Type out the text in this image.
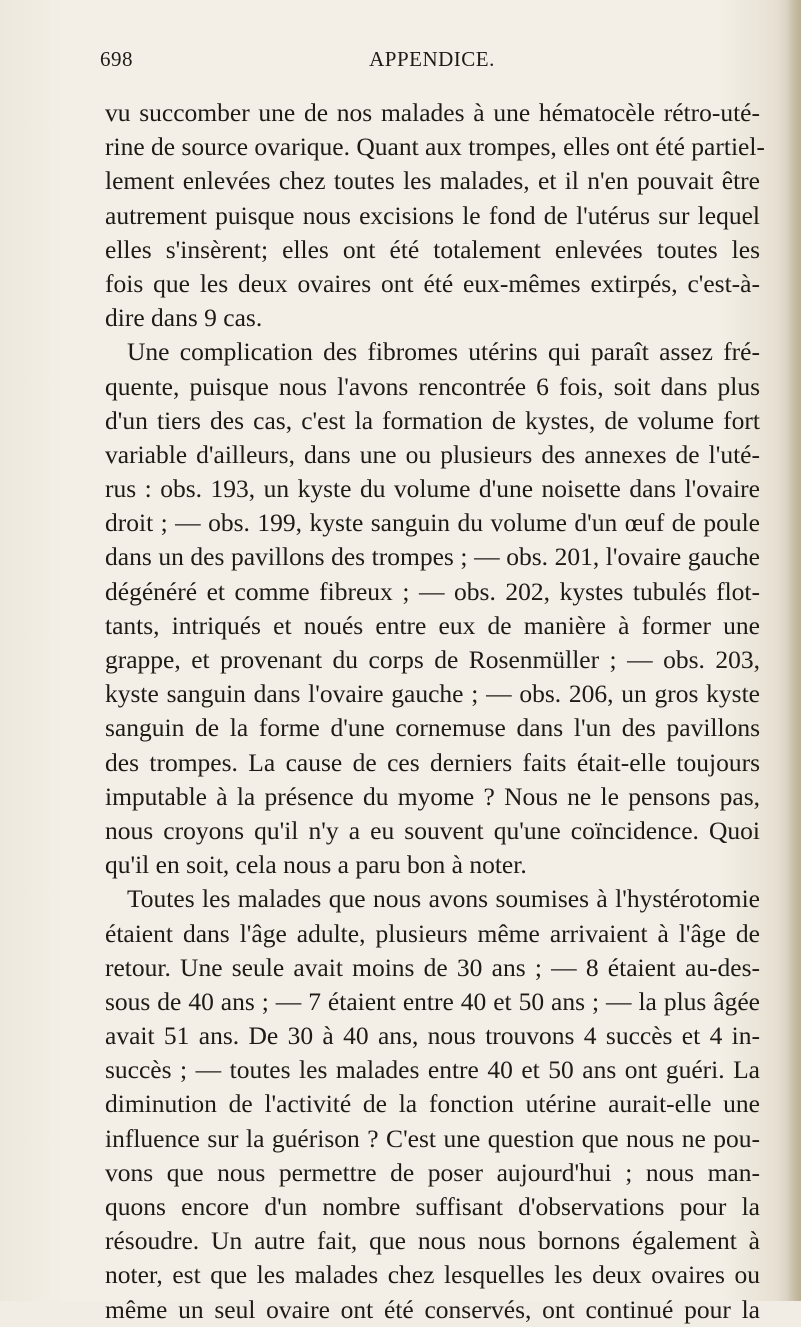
698	APPENDICE.
vu succomber une de nos malades à une hématocèle rétro-uté-
rine de source ovarique. Quant aux trompes, elles ont été partiel-
lement enlevées chez toutes les malades, et il n'en pouvait être
autrement puisque nous excisions le fond de l'utérus sur lequel
elles s'insèrent; elles ont été totalement enlevées toutes les
fois que les deux ovaires ont été eux-mêmes extirpés, c'est-à-
dire dans 9 cas.
Une complication des fibromes utérins qui paraît assez fré-
quente, puisque nous l'avons rencontrée 6 fois, soit dans plus
d'un tiers des cas, c'est la formation de kystes, de volume fort
variable d'ailleurs, dans une ou plusieurs des annexes de l'uté-
rus : obs. 193, un kyste du volume d'une noisette dans l'ovaire
droit ; — obs. 199, kyste sanguin du volume d'un œuf de poule
dans un des pavillons des trompes ; — obs. 201, l'ovaire gauche
dégénéré et comme fibreux ; — obs. 202, kystes tubulés flot-
tants, intriqués et noués entre eux de manière à former une
grappe, et provenant du corps de Rosenmüller ; — obs. 203,
kyste sanguin dans l'ovaire gauche ; — obs. 206, un gros kyste
sanguin de la forme d'une cornemuse dans l'un des pavillons
des trompes. La cause de ces derniers faits était-elle toujours
imputable à la présence du myome ? Nous ne le pensons pas,
nous croyons qu'il n'y a eu souvent qu'une coïncidence. Quoi
qu'il en soit, cela nous a paru bon à noter.
Toutes les malades que nous avons soumises à l'hystérotomie
étaient dans l'âge adulte, plusieurs même arrivaient à l'âge de
retour. Une seule avait moins de 30 ans ; — 8 étaient au-des-
sous de 40 ans ; — 7 étaient entre 40 et 50 ans ; — la plus âgée
avait 51 ans. De 30 à 40 ans, nous trouvons 4 succès et 4 in-
succès ; — toutes les malades entre 40 et 50 ans ont guéri. La
diminution de l'activité de la fonction utérine aurait-elle une
influence sur la guérison ? C'est une question que nous ne pou-
vons que nous permettre de poser aujourd'hui ; nous man-
quons encore d'un nombre suffisant d'observations pour la
résoudre. Un autre fait, que nous nous bornons également à
noter, est que les malades chez lesquelles les deux ovaires ou
même un seul ovaire ont été conservés, ont continué pour la
